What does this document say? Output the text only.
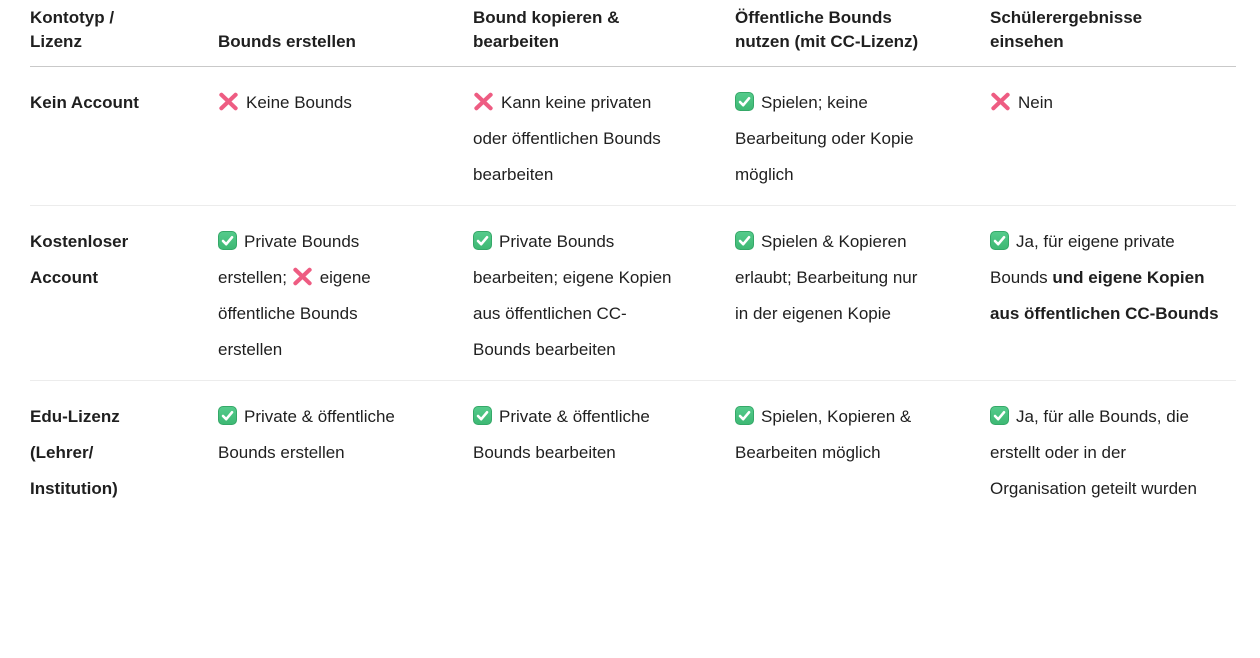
Kontotyp / Lizenz	Bounds erstellen	Bound kopieren & bearbeiten	Öffentliche Bounds nutzen (mit CC-Lizenz)	Schülerergebnisse einsehen
Kein Account	Keine Bounds	Kann keine privaten oder öffentlichen Bounds bearbeiten	Spielen; keine Bearbeitung oder Kopie möglich	Nein
Kostenloser Account	Private Bounds erstellen; eigene öffentliche Bounds erstellen	Private Bounds bearbeiten; eigene Kopien aus öffentlichen CC-Bounds bearbeiten	Spielen & Kopieren erlaubt; Bearbeitung nur in der eigenen Kopie	Ja, für eigene private Bounds und eigene Kopien aus öffentlichen CC-Bounds
Edu-Lizenz (Lehrer/ Institution)	Private & öffentliche Bounds erstellen	Private & öffentliche Bounds bearbeiten	Spielen, Kopieren & Bearbeiten möglich	Ja, für alle Bounds, die erstellt oder in der Organisation geteilt wurden
